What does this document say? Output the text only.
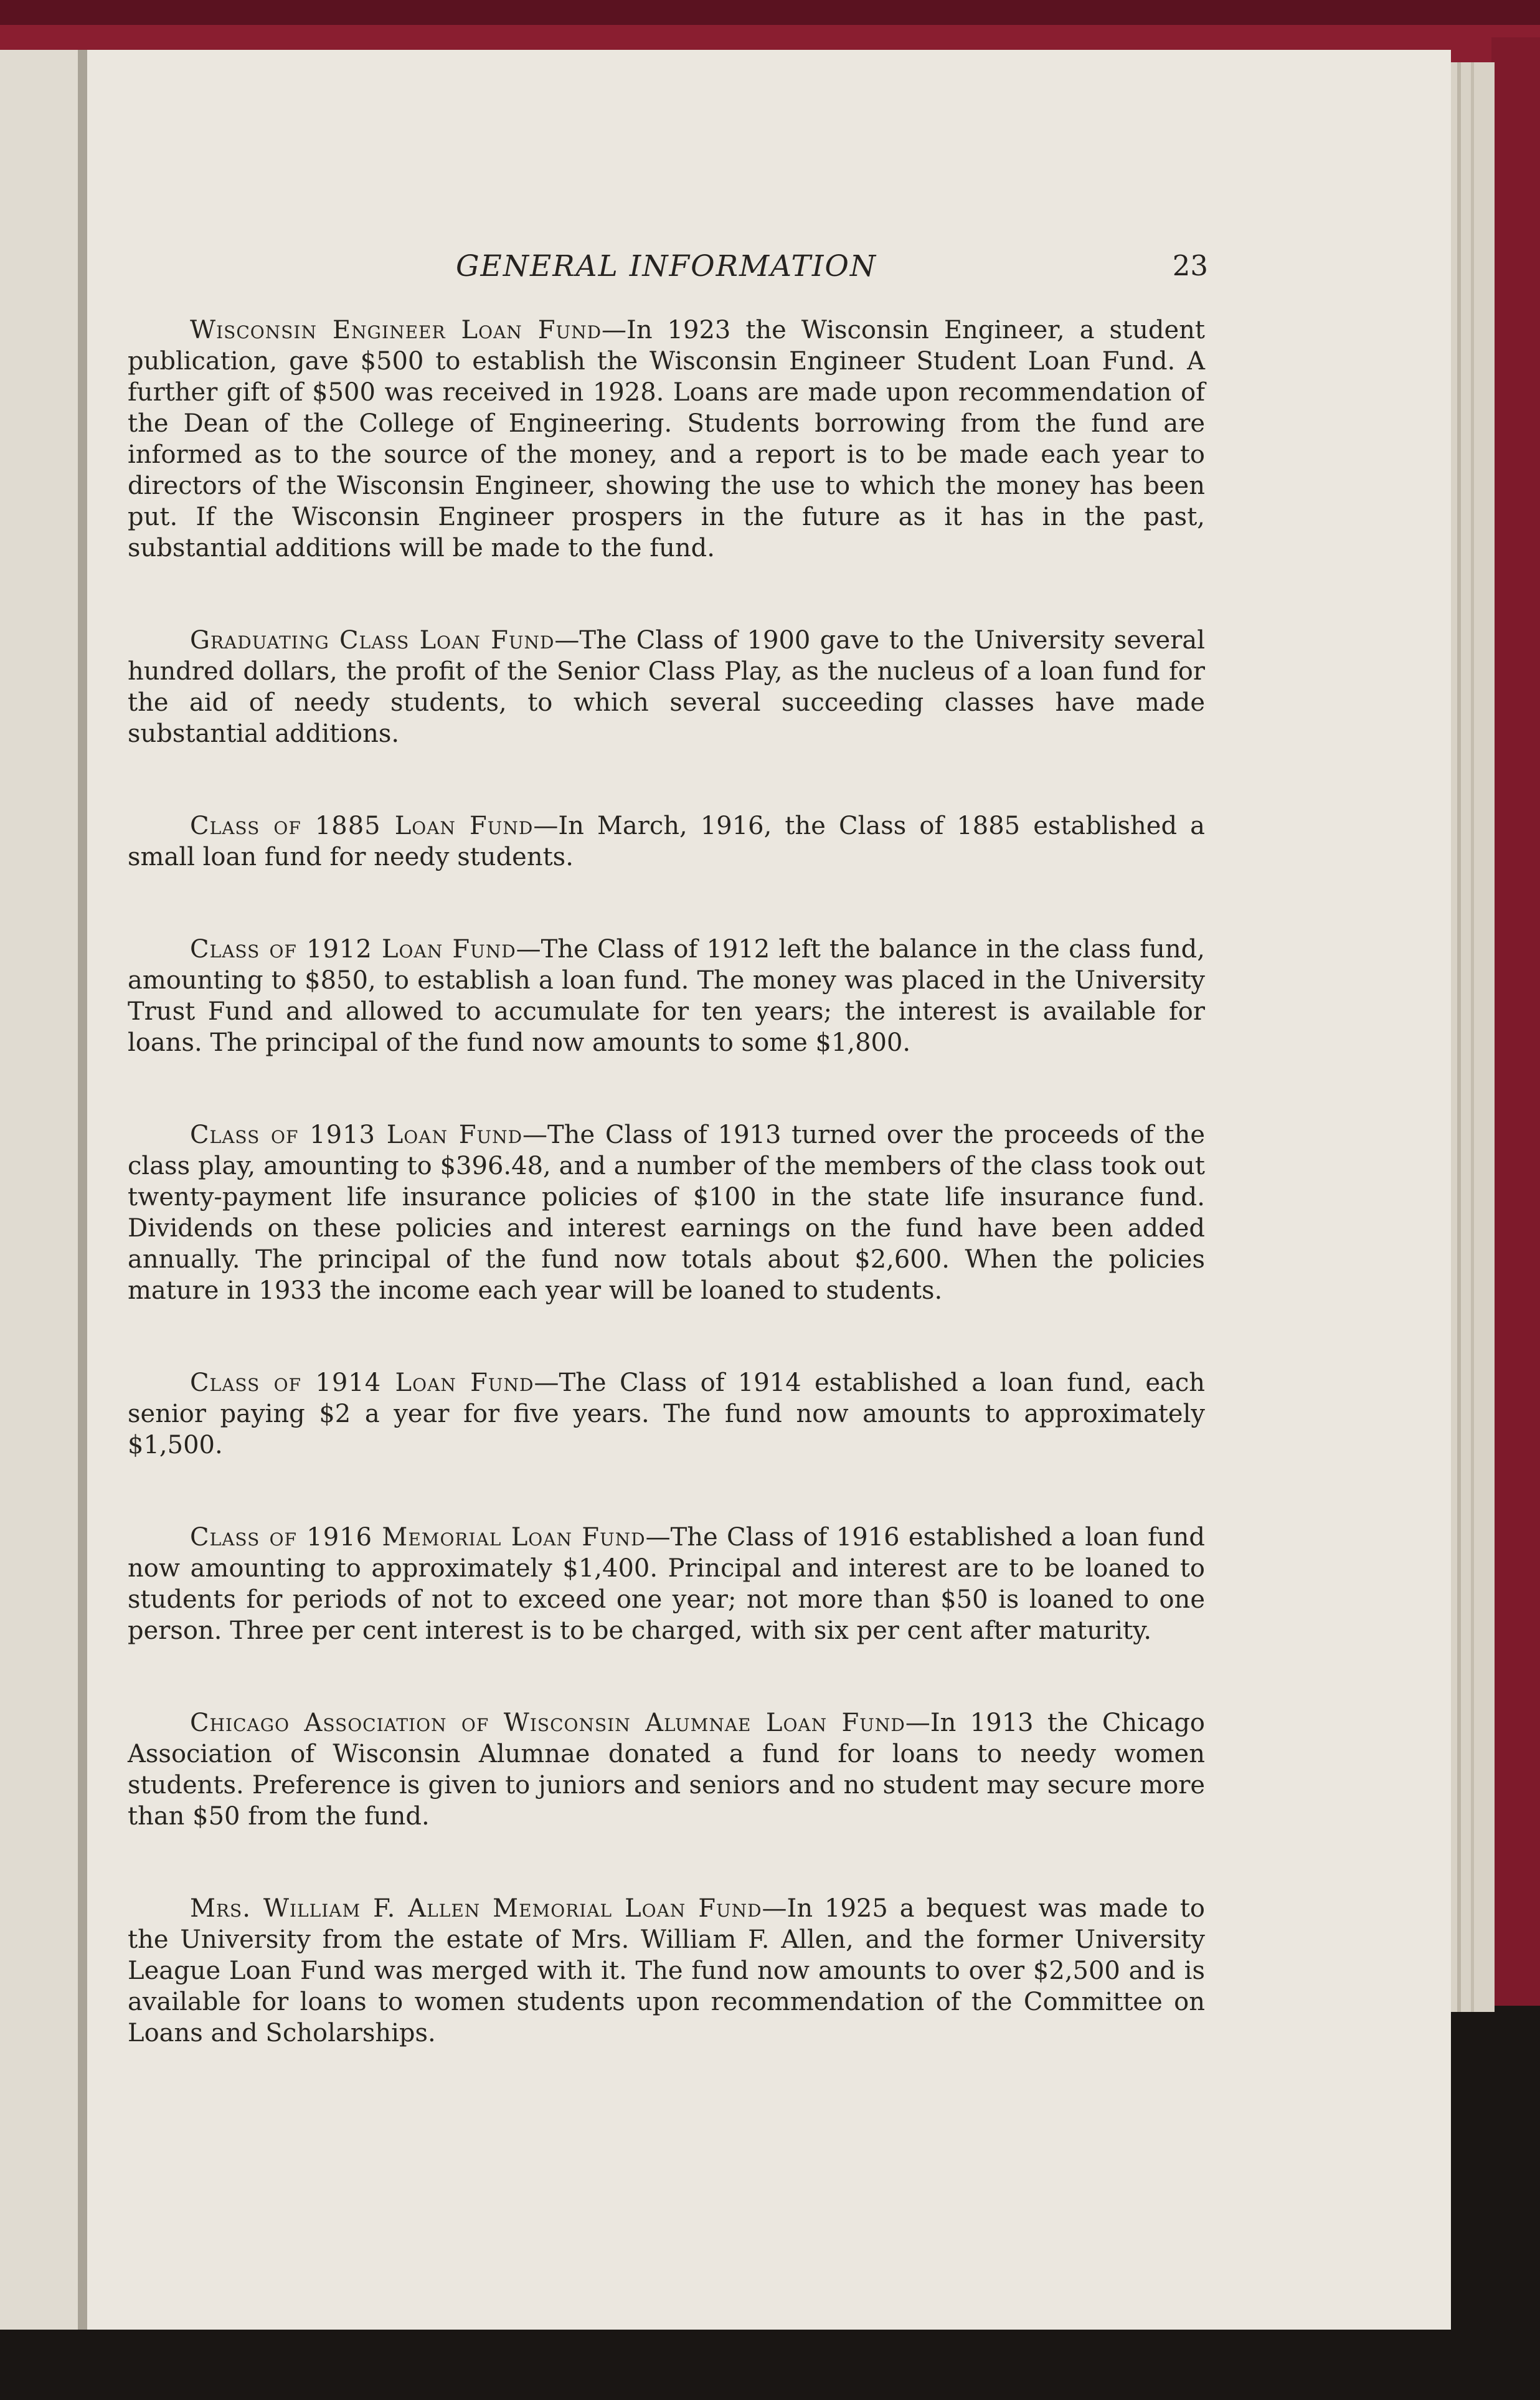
GENERAL INFORMATION	23

Wisconsin Engineer Loan Fund—In 1923 the Wisconsin Engineer, a student publication, gave $500 to establish the Wisconsin Engineer Student Loan Fund. A further gift of $500 was received in 1928. Loans are made upon recommendation of the Dean of the College of Engineering. Students borrowing from the fund are informed as to the source of the money, and a report is to be made each year to directors of the Wisconsin Engineer, showing the use to which the money has been put. If the Wisconsin Engineer prospers in the future as it has in the past, substantial additions will be made to the fund.

Graduating Class Loan Fund—The Class of 1900 gave to the University several hundred dollars, the profit of the Senior Class Play, as the nucleus of a loan fund for the aid of needy students, to which several succeeding classes have made substantial additions.

Class of 1885 Loan Fund—In March, 1916, the Class of 1885 established a small loan fund for needy students.

Class of 1912 Loan Fund—The Class of 1912 left the balance in the class fund, amounting to $850, to establish a loan fund. The money was placed in the University Trust Fund and allowed to accumulate for ten years; the interest is available for loans. The principal of the fund now amounts to some $1,800.

Class of 1913 Loan Fund—The Class of 1913 turned over the proceeds of the class play, amounting to $396.48, and a number of the members of the class took out twenty-payment life insurance policies of $100 in the state life insurance fund. Dividends on these policies and interest earnings on the fund have been added annually. The principal of the fund now totals about $2,600. When the policies mature in 1933 the income each year will be loaned to students.

Class of 1914 Loan Fund—The Class of 1914 established a loan fund, each senior paying $2 a year for five years. The fund now amounts to approximately $1,500.

Class of 1916 Memorial Loan Fund—The Class of 1916 established a loan fund now amounting to approximately $1,400. Principal and interest are to be loaned to students for periods of not to exceed one year; not more than $50 is loaned to one person. Three per cent interest is to be charged, with six per cent after maturity.

Chicago Association of Wisconsin Alumnae Loan Fund—In 1913 the Chicago Association of Wisconsin Alumnae donated a fund for loans to needy women students. Preference is given to juniors and seniors and no student may secure more than $50 from the fund.

Mrs. William F. Allen Memorial Loan Fund—In 1925 a bequest was made to the University from the estate of Mrs. William F. Allen, and the former University League Loan Fund was merged with it. The fund now amounts to over $2,500 and is available for loans to women students upon recommendation of the Committee on Loans and Scholarships.
